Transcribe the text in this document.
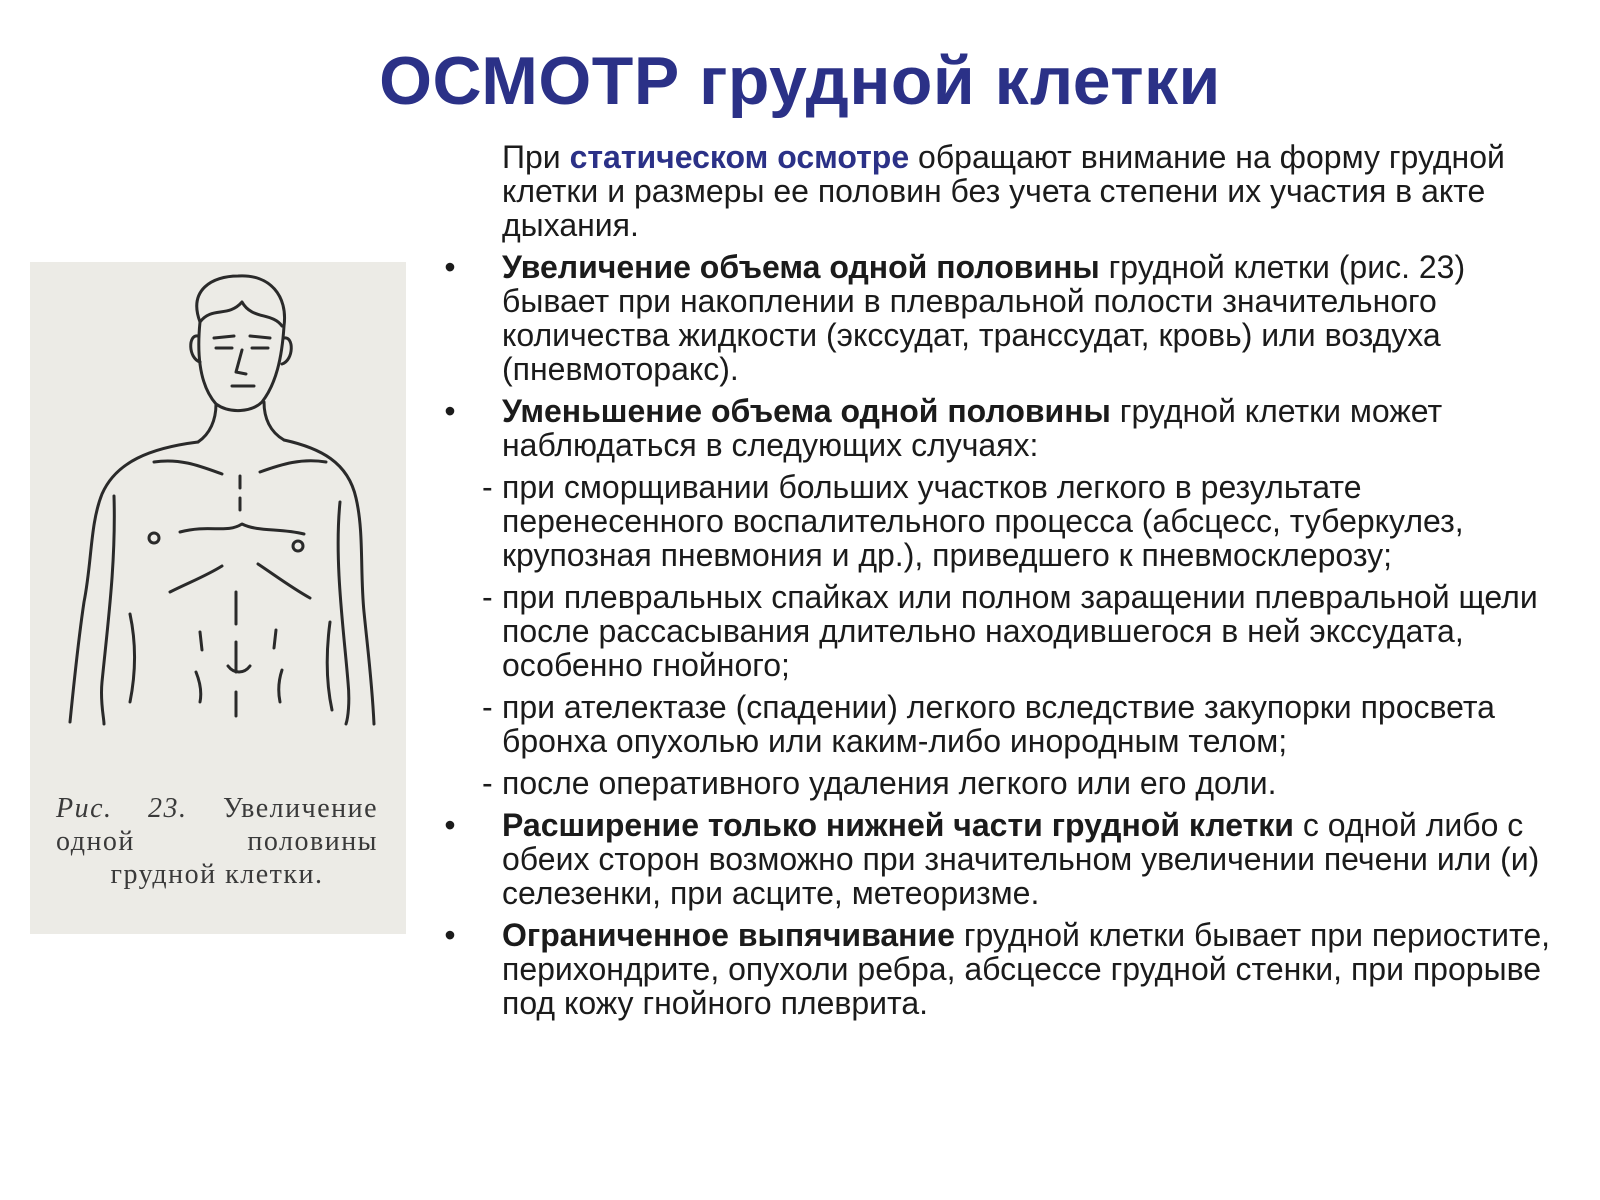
ОСМОТР грудной клетки
Рис. 23. Увеличение одной половины грудной клетки.
При статическом осмотре обращают внимание на форму грудной клетки и размеры ее половин без учета степени их участия в акте дыхания.
• Увеличение объема одной половины грудной клетки (рис. 23) бывает при накоплении в плевральной полости значительного количества жидкости (экссудат, транссудат, кровь) или воздуха (пневмоторакс).
• Уменьшение объема одной половины грудной клетки может наблюдаться в следующих случаях:
- при сморщивании больших участков легкого в результате перенесенного воспалительного процесса (абсцесс, туберкулез, крупозная пневмония и др.), приведшего к пневмосклерозу;
- при плевральных спайках или полном заращении плевральной щели после рассасывания длительно находившегося в ней экссудата, особенно гнойного;
- при ателектазе (спадении) легкого вследствие закупорки просвета бронха опухолью или каким-либо инородным телом;
- после оперативного удаления легкого или его доли.
• Расширение только нижней части грудной клетки с одной либо с обеих сторон возможно при значительном увеличении печени или (и) селезенки, при асците, метеоризме.
• Ограниченное выпячивание грудной клетки бывает при периостите, перихондрите, опухоли ребра, абсцессе грудной стенки, при прорыве под кожу гнойного плеврита.
